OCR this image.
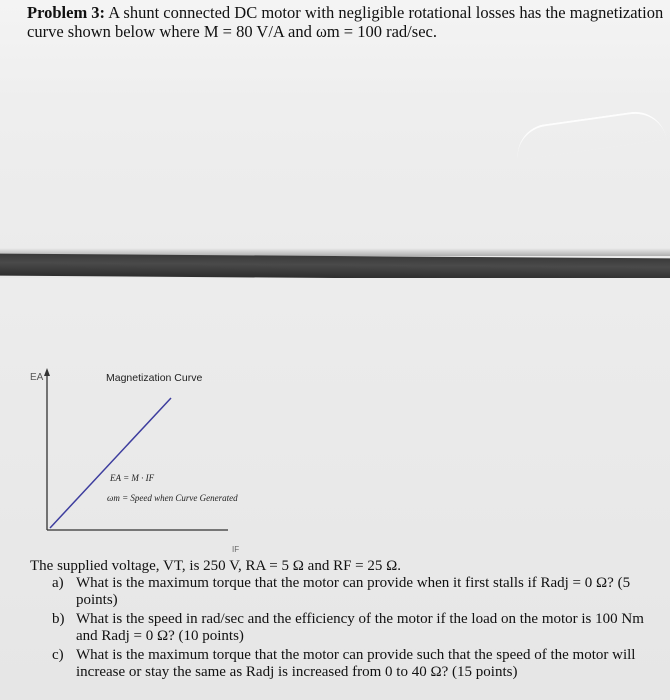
Problem 3: A shunt connected DC motor with negligible rotational losses has the magnetization
curve shown below where M = 80 V/A and ωm = 100 rad/sec.
EA	Magnetization Curve
EA = M · IF
ωm = Speed when Curve Generated
IF
The supplied voltage, VT, is 250 V, RA = 5 Ω and RF = 25 Ω.
a) What is the maximum torque that the motor can provide when it first stalls if Radj = 0 Ω? (5 points)
b) What is the speed in rad/sec and the efficiency of the motor if the load on the motor is 100 Nm and Radj = 0 Ω? (10 points)
c) What is the maximum torque that the motor can provide such that the speed of the motor will increase or stay the same as Radj is increased from 0 to 40 Ω? (15 points)
